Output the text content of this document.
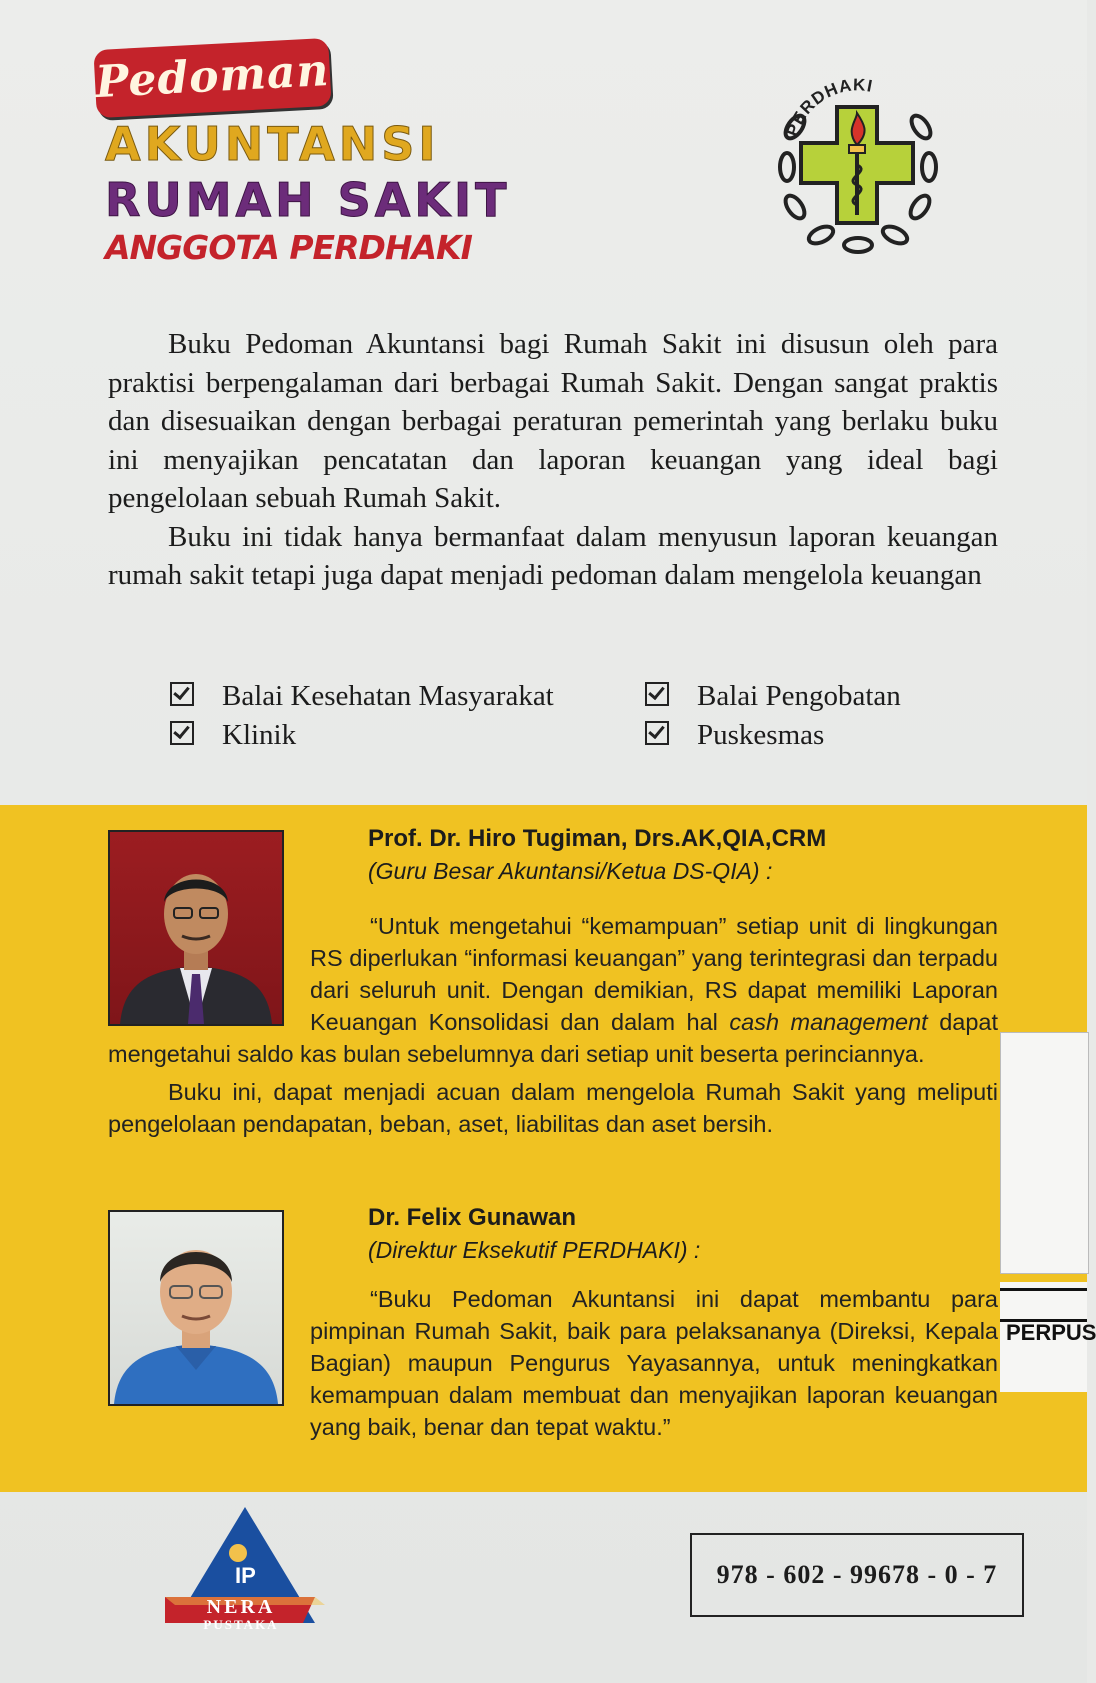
Pedoman
AKUNTANSI
RUMAH SAKIT
ANGGOTA PERDHAKI
PERDHAKI

Buku Pedoman Akuntansi bagi Rumah Sakit ini disusun oleh para praktisi berpengalaman dari berbagai Rumah Sakit. Dengan sangat praktis dan disesuaikan dengan berbagai peraturan pemerintah yang berlaku buku ini menyajikan pencatatan dan laporan keuangan yang ideal bagi pengelolaan sebuah Rumah Sakit.

Buku ini tidak hanya bermanfaat dalam menyusun laporan keuangan rumah sakit tetapi juga dapat menjadi pedoman dalam mengelola keuangan

Balai Kesehatan Masyarakat	Balai Pengobatan
Klinik	Puskesmas
Prof. Dr. Hiro Tugiman, Drs.AK,QIA,CRM
(Guru Besar Akuntansi/Ketua DS-QIA) :

“Untuk mengetahui “kemampuan” setiap unit di lingkungan RS diperlukan “informasi keuangan” yang terintegrasi dan terpadu dari seluruh unit. Dengan demikian, RS dapat memiliki Laporan Keuangan Konsolidasi dan dalam hal cash management dapat mengetahui saldo kas bulan sebelumnya dari setiap unit beserta perinciannya.

Buku ini, dapat menjadi acuan dalam mengelola Rumah Sakit yang meliputi pengelolaan pendapatan, beban, aset, liabilitas dan aset bersih.

PERPUS
Dr. Felix Gunawan
(Direktur Eksekutif PERDHAKI) :

“Buku Pedoman Akuntansi ini dapat membantu para pimpinan Rumah Sakit, baik para pelaksananya (Direksi, Kepala Bagian) maupun Pengurus Yayasannya, untuk meningkatkan kemampuan dalam membuat dan menyajikan laporan keuangan yang baik, benar dan tepat waktu.”

IP
NERA
PUSTAKA
978 - 602 - 99678 - 0 - 7
